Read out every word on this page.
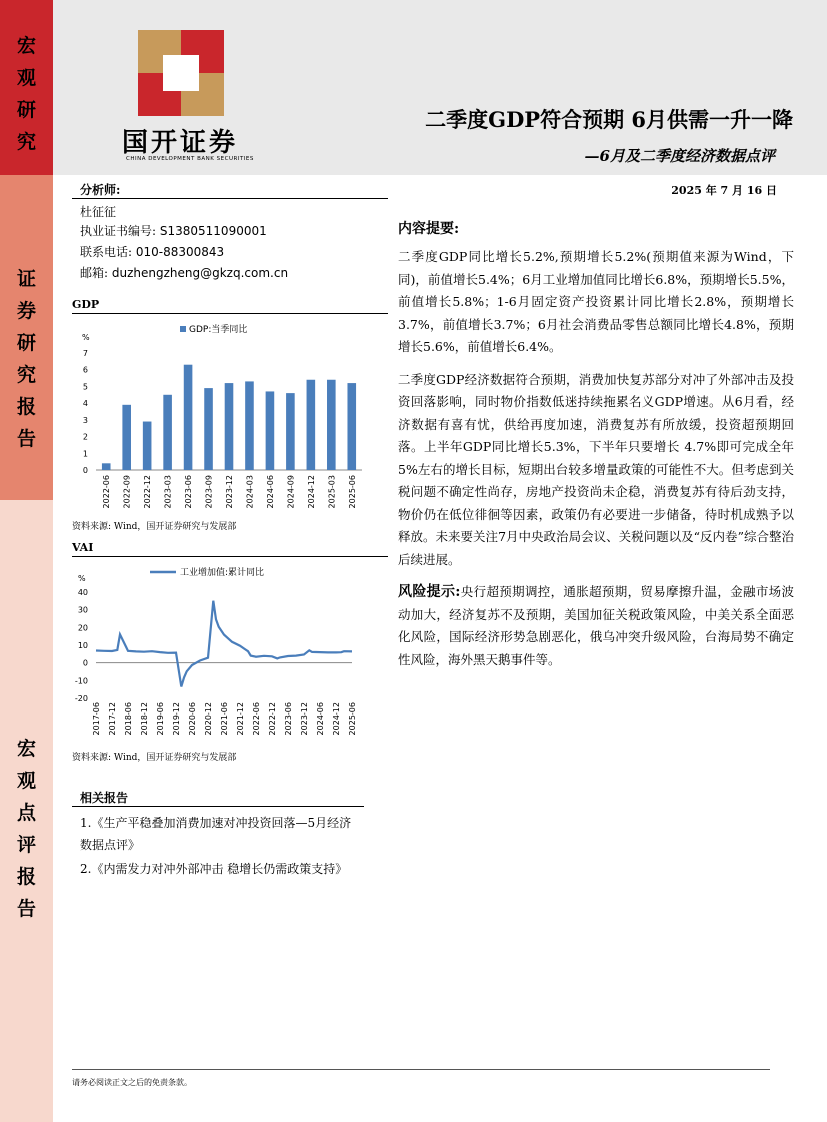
宏
观
研
究
证
券
研
究
报
告
宏
观
点
评
报
告
国开证券
CHINA DEVELOPMENT BANK SECURITIES
二季度GDP符合预期 6月供需一升一降
—6月及二季度经济数据点评
分析师:	2025 年 7 月 16 日
杜征征
执业证书编号: S1380511090001
联系电话: 010-88300843
邮箱: duzhengzheng@gkzq.com.cn
GDP
%
0
1
2
3
4
5
6
7
2022-06 2022-09 2022-12 2023-03 2023-06 2023-09 2023-12 2024-03 2024-06 2024-09 2024-12 2025-03 2025-06
GDP:当季同比
资料来源: Wind，国开证券研究与发展部
VAI
%
-20
-10
0
10
20
30
40
2017-06 2017-12 2018-06 2018-12 2019-06 2019-12 2020-06 2020-12 2021-06 2021-12 2022-06 2022-12 2023-06 2023-12 2024-06 2024-12 2025-06
工业增加值:累计同比
资料来源: Wind，国开证券研究与发展部
相关报告
1.《生产平稳叠加消费加速对冲投资回落—5月经济数据点评》
2.《内需发力对冲外部冲击 稳增长仍需政策支持》
内容提要:

二季度GDP同比增长5.2%,预期增长5.2%(预期值来源为Wind，下同)，前值增长5.4%；6月工业增加值同比增长6.8%，预期增长5.5%，前值增长5.8%；1-6月固定资产投资累计同比增长2.8%，预期增长3.7%，前值增长3.7%；6月社会消费品零售总额同比增长4.8%，预期增长5.6%，前值增长6.4%。

二季度GDP经济数据符合预期，消费加快复苏部分对冲了外部冲击及投资回落影响，同时物价指数低迷持续拖累名义GDP增速。从6月看，经济数据有喜有忧，供给再度加速，消费复苏有所放缓，投资超预期回落。上半年GDP同比增长5.3%，下半年只要增长 4.7%即可完成全年 5%左右的增长目标，短期出台较多增量政策的可能性不大。但考虑到关税问题不确定性尚存，房地产投资尚未企稳，消费复苏有待后劲支持，物价仍在低位徘徊等因素，政策仍有必要进一步储备，待时机成熟予以释放。未来要关注7月中央政治局会议、关税问题以及“反内卷”综合整治后续进展。

风险提示:央行超预期调控，通胀超预期，贸易摩擦升温，金融市场波动加大，经济复苏不及预期，美国加征关税政策风险，中美关系全面恶化风险，国际经济形势急剧恶化，俄乌冲突升级风险，台海局势不确定性风险，海外黑天鹅事件等。

请务必阅读正文之后的免责条款。
